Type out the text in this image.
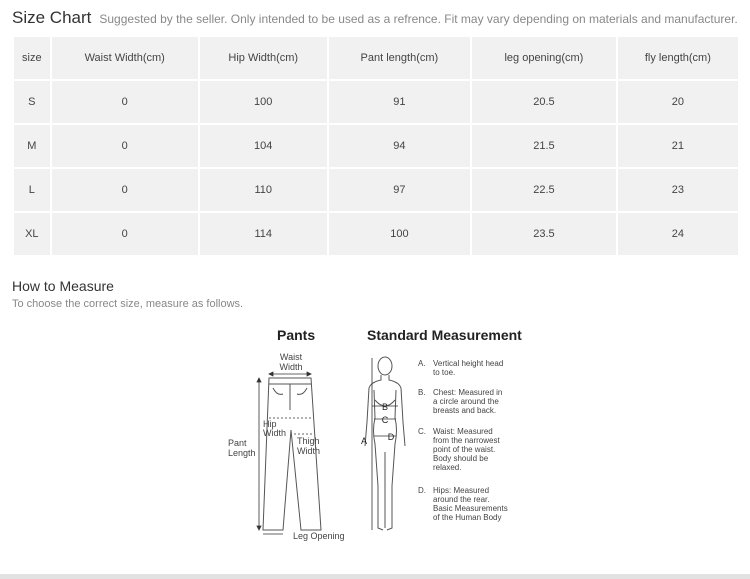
Size Chart Suggested by the seller. Only intended to be used as a refrence. Fit may vary depending on materials and manufacturer.
size	Waist Width(cm)	Hip Width(cm)	Pant length(cm)	leg opening(cm)	fly length(cm)
S	0	100	91	20.5	20
M	0	104	94	21.5	21
L	0	110	97	22.5	23
XL	0	114	100	23.5	24
How to Measure
To choose the correct size, measure as follows.
Pants	Standard Measurement
Waist
Width
Hip
Width
Thigh
Width
Pant
Length
Leg Opening
B
C
D
A
A. Vertical height head
to toe.
B. Chest: Measured in
a circle around the
breasts and back.
C. Waist: Measured
from the narrowest
point of the waist.
Body should be
relaxed.
D. Hips: Measured
around the rear.
Basic Measurements
of the Human Body
